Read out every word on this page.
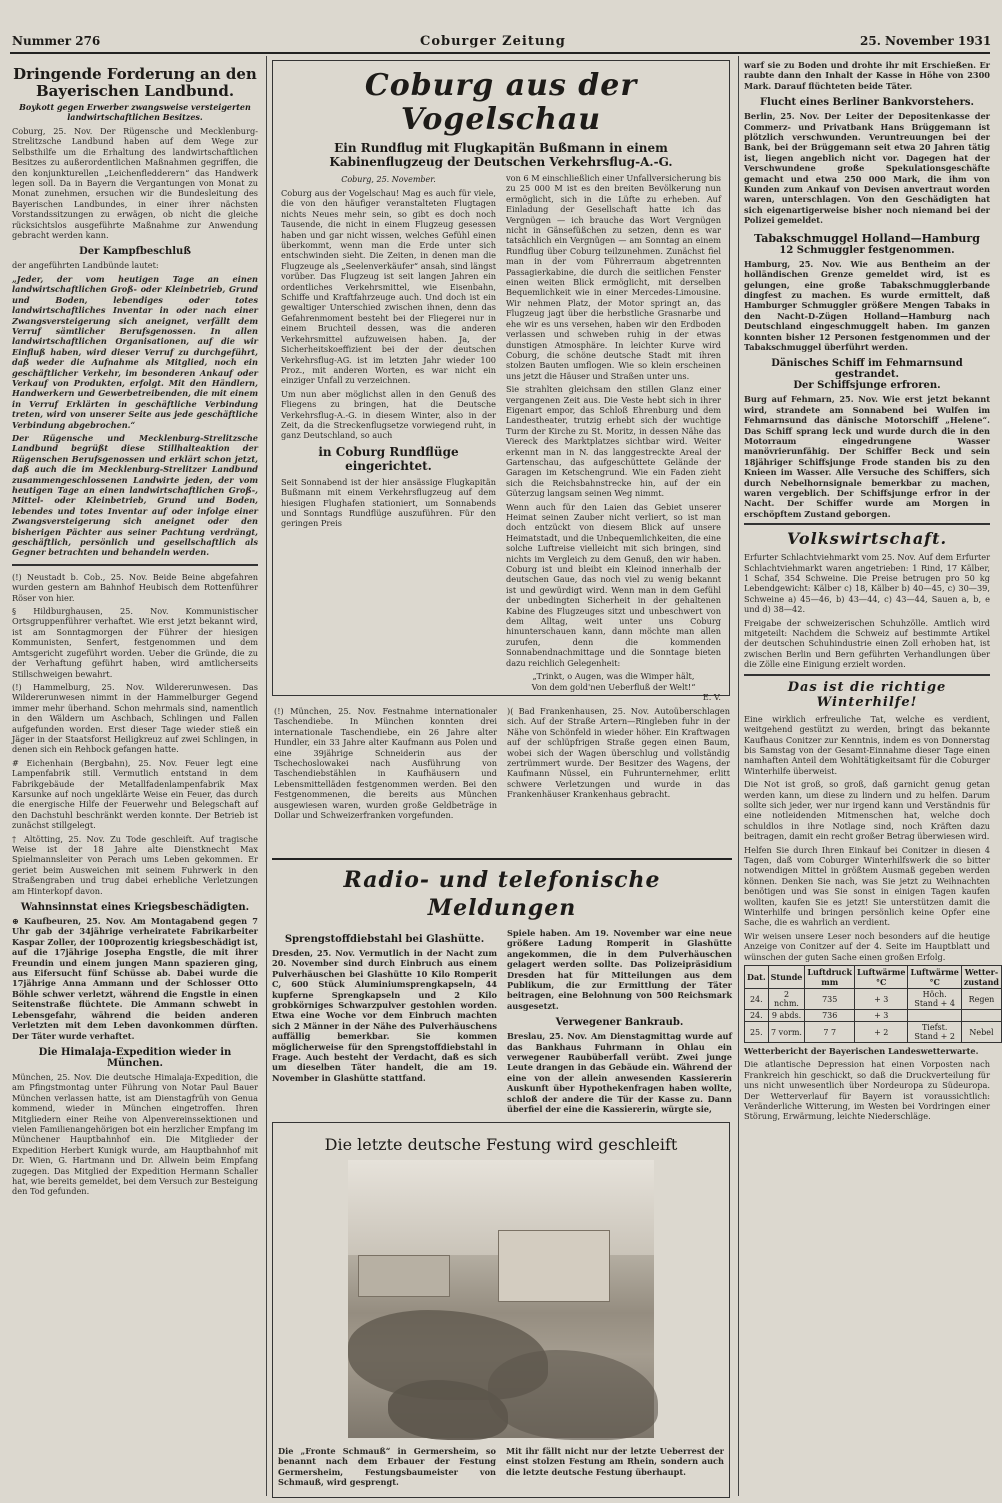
Nummer 276	Coburger Zeitung	25. November 1931

Dringende Forderung an den Bayerischen Landbund.

Boykott gegen Erwerber zwangsweise versteigerten landwirtschaftlichen Besitzes.

Coburg, 25. Nov. Der Rügensche und Mecklenburg-Strelitzsche Landbund haben auf dem Wege zur Selbsthilfe um die Erhaltung des landwirtschaftlichen Besitzes zu außerordentlichen Maßnahmen gegriffen, die den konjunkturellen „Leichenfledderern“ das Handwerk legen soll. Da in Bayern die Vergantungen von Monat zu Monat zunehmen, ersuchen wir die Bundesleitung des Bayerischen Landbundes, in einer ihrer nächsten Vorstandssitzungen zu erwägen, ob nicht die gleiche rücksichtslos ausgeführte Maßnahme zur Anwendung gebracht werden kann.

Der Kampfbeschluß

der angeführten Landbünde lautet:

„Jeder, der vom heutigen Tage an einen landwirtschaftlichen Groß- oder Kleinbetrieb, Grund und Boden, lebendiges oder totes landwirtschaftliches Inventar in oder nach einer Zwangsversteigerung sich aneignet, verfällt dem Verruf sämtlicher Berufsgenossen. In allen landwirtschaftlichen Organisationen, auf die wir Einfluß haben, wird dieser Verruf zu durchgeführt, daß weder die Aufnahme als Mitglied, noch ein geschäftlicher Verkehr, im besonderen Ankauf oder Verkauf von Produkten, erfolgt. Mit den Händlern, Handwerkern und Gewerbetreibenden, die mit einem in Verruf Erklärten in geschäftliche Verbindung treten, wird von unserer Seite aus jede geschäftliche Verbindung abgebrochen.“

Der Rügensche und Mecklenburg-Strelitzsche Landbund begrüßt diese Stillhalteaktion der Rügenschen Berufsgenossen und erklärt schon jetzt, daß auch die im Mecklenburg-Strelitzer Landbund zusammengeschlossenen Landwirte jeden, der vom heutigen Tage an einen landwirtschaftlichen Groß-, Mittel- oder Kleinbetrieb, Grund und Boden, lebendes und totes Inventar auf oder infolge einer Zwangsversteigerung sich aneignet oder den bisherigen Pächter aus seiner Pachtung verdrängt, geschäftlich, persönlich und gesellschaftlich als Gegner betrachten und behandeln werden.

(!) Neustadt b. Cob., 25. Nov. Beide Beine abgefahren wurden gestern am Bahnhof Heubisch dem Rottenführer Röser von hier.

§ Hildburghausen, 25. Nov. Kommunistischer Ortsgruppenführer verhaftet. Wie erst jetzt bekannt wird, ist am Sonntagmorgen der Führer der hiesigen Kommunisten, Senfert, festgenommen und dem Amtsgericht zugeführt worden. Ueber die Gründe, die zu der Verhaftung geführt haben, wird amtlicherseits Stillschweigen bewahrt.

(!) Hammelburg, 25. Nov. Wildererunwesen. Das Wildererunwesen nimmt in der Hammelburger Gegend immer mehr überhand. Schon mehrmals sind, namentlich in den Wäldern um Aschbach, Schlingen und Fallen aufgefunden worden. Erst dieser Tage wieder stieß ein Jäger in der Staatsforst Heiligkreuz auf zwei Schlingen, in denen sich ein Rehbock gefangen hatte.

# Eichenhain (Bergbahn), 25. Nov. Feuer legt eine Lampenfabrik still. Vermutlich entstand in dem Fabrikgebäude der Metallfadenlampenfabrik Max Karsunke auf noch ungeklärte Weise ein Feuer, das durch die energische Hilfe der Feuerwehr und Belegschaft auf den Dachstuhl beschränkt werden konnte. Der Betrieb ist zunächst stillgelegt.

† Altötting, 25. Nov. Zu Tode geschleift. Auf tragische Weise ist der 18 Jahre alte Dienstknecht Max Spielmannsleiter von Perach ums Leben gekommen. Er geriet beim Ausweichen mit seinem Fuhrwerk in den Straßengraben und trug dabei erhebliche Verletzungen am Hinterkopf davon.

Wahnsinnstat eines Kriegsbeschädigten.

⊕ Kaufbeuren, 25. Nov. Am Montagabend gegen 7 Uhr gab der 34jährige verheiratete Fabrikarbeiter Kaspar Zoller, der 100prozentig kriegsbeschädigt ist, auf die 17jährige Josepha Engstle, die mit ihrer Freundin und einem jungen Mann spazieren ging, aus Eifersucht fünf Schüsse ab. Dabei wurde die 17jährige Anna Ammann und der Schlosser Otto Böhle schwer verletzt, während die Engstle in einen Seitenstraße flüchtete. Die Ammann schwebt in Lebensgefahr, während die beiden anderen Verletzten mit dem Leben davonkommen dürften. Der Täter wurde verhaftet.

Die Himalaja-Expedition wieder in München.

München, 25. Nov. Die deutsche Himalaja-Expedition, die am Pfingstmontag unter Führung von Notar Paul Bauer München verlassen hatte, ist am Dienstagfrüh von Genua kommend, wieder in München eingetroffen. Ihren Mitgliedern einer Reihe von Alpenvereinssektionen und vielen Familienangehörigen bot ein herzlicher Empfang im Münchener Hauptbahnhof ein. Die Mitglieder der Expedition Herbert Kunigk wurde, am Hauptbahnhof mit Dr. Wien, G. Hartmann und Dr. Allwein beim Empfang zugegen. Das Mitglied der Expedition Hermann Schaller hat, wie bereits gemeldet, bei dem Versuch zur Besteigung den Tod gefunden.

Coburg aus der Vogelschau

Ein Rundflug mit Flugkapitän Bußmann in einem Kabinenflugzeug der Deutschen Verkehrsflug-A.-G.

Coburg, 25. November.

Coburg aus der Vogelschau! Mag es auch für viele, die von den häufiger veranstalteten Flugtagen nichts Neues mehr sein, so gibt es doch noch Tausende, die nicht in einem Flugzeug gesessen haben und gar nicht wissen, welches Gefühl einen überkommt, wenn man die Erde unter sich entschwinden sieht. Die Zeiten, in denen man die Flugzeuge als „Seelenverkäufer“ ansah, sind längst vorüber. Das Flugzeug ist seit langen Jahren ein ordentliches Verkehrsmittel, wie Eisenbahn, Schiffe und Kraftfahrzeuge auch. Und doch ist ein gewaltiger Unterschied zwischen ihnen, denn das Gefahrenmoment besteht bei der Fliegerei nur in einem Bruchteil dessen, was die anderen Verkehrsmittel aufzuweisen haben. Ja, der Sicherheitskoeffizient bei der der deutschen Verkehrsflug-AG. ist im letzten Jahr wieder 100 Proz., mit anderen Worten, es war nicht ein einziger Unfall zu verzeichnen.

Um nun aber möglichst allen in den Genuß des Fliegens zu bringen, hat die Deutsche Verkehrsflug-A.-G. in diesem Winter, also in der Zeit, da die Streckenflugsetze vorwiegend ruht, in ganz Deutschland, so auch

in Coburg Rundflüge eingerichtet.

Seit Sonnabend ist der hier ansässige Flugkapitän Bußmann mit einem Verkehrsflugzeug auf dem hiesigen Flughafen stationiert, um Sonnabends und Sonntags Rundflüge auszuführen. Für den geringen Preis

von 6 M einschließlich einer Unfallversicherung bis zu 25 000 M ist es den breiten Bevölkerung nun ermöglicht, sich in die Lüfte zu erheben. Auf Einladung der Gesellschaft hatte ich das Vergnügen — ich brauche das Wort Vergnügen nicht in Gänsefüßchen zu setzen, denn es war tatsächlich ein Vergnügen — am Sonntag an einem Rundflug über Coburg teilzunehmen. Zunächst fiel man in der vom Führerraum abgetrennten Passagierkabine, die durch die seitlichen Fenster einen weiten Blick ermöglicht, mit derselben Bequemlichkeit wie in einer Mercedes-Limousine. Wir nehmen Platz, der Motor springt an, das Flugzeug jagt über die herbstliche Grasnarbe und ehe wir es uns versehen, haben wir den Erdboden verlassen und schweben ruhig in der etwas dunstigen Atmosphäre. In leichter Kurve wird Coburg, die schöne deutsche Stadt mit ihren stolzen Bauten umflogen. Wie so klein erscheinen uns jetzt die Häuser und Straßen unter uns.

Sie strahlten gleichsam den stillen Glanz einer vergangenen Zeit aus. Die Veste hebt sich in ihrer Eigenart empor, das Schloß Ehrenburg und dem Landestheater, trutzig erhebt sich der wuchtige Turm der Kirche zu St. Moritz, in dessen Nähe das Viereck des Marktplatzes sichtbar wird. Weiter erkennt man in N. das langgestreckte Areal der Gartenschau, das aufgeschüttete Gelände der Garagen im Ketschengrund. Wie ein Faden zieht sich die Reichsbahnstrecke hin, auf der ein Güterzug langsam seinen Weg nimmt.

Wenn auch für den Laien das Gebiet unserer Heimat seinen Zauber nicht verliert, so ist man doch entzückt von diesem Blick auf unsere Heimatstadt, und die Unbequemlichkeiten, die eine solche Luftreise vielleicht mit sich bringen, sind nichts im Vergleich zu dem Genuß, den wir haben. Coburg ist und bleibt ein Kleinod innerhalb der deutschen Gaue, das noch viel zu wenig bekannt ist und gewürdigt wird. Wenn man in dem Gefühl der unbedingten Sicherheit in der gehaltenen Kabine des Flugzeuges sitzt und unbeschwert von dem Alltag, weit unter uns Coburg hinunterschauen kann, dann möchte man allen zurufen, denn die kommenden Sonnabendnachmittage und die Sonntage bieten dazu reichlich Gelegenheit:

„Trinkt, o Augen, was die Wimper hält,

Von dem gold'nen Ueberfluß der Welt!“

E. V.

(!) München, 25. Nov. Festnahme internationaler Taschendiebe. In München konnten drei internationale Taschendiebe, ein 26 Jahre alter Hundler, ein 33 Jahre alter Kaufmann aus Polen und eine 39jährige Schneiderin aus der Tschechoslowakei nach Ausführung von Taschendiebstählen in Kaufhäusern und Lebensmittelläden festgenommen werden. Bei den Festgenommenen, die bereits aus München ausgewiesen waren, wurden große Geldbeträge in Dollar und Schweizerfranken vorgefunden.

)( Bad Frankenhausen, 25. Nov. Autoüberschlagen sich. Auf der Straße Artern—Ringleben fuhr in der Nähe von Schönfeld in wieder höher. Ein Kraftwagen auf der schlüpfrigen Straße gegen einen Baum, wobei sich der Wagen überschlug und vollständig zertrümmert wurde. Der Besitzer des Wagens, der Kaufmann Nüssel, ein Fuhrunternehmer, erlitt schwere Verletzungen und wurde in das Frankenhäuser Krankenhaus gebracht.

Radio- und telefonische Meldungen

Sprengstoffdiebstahl bei Glashütte.

Dresden, 25. Nov. Vermutlich in der Nacht zum 20. November sind durch Einbruch aus einem Pulverhäuschen bei Glashütte 10 Kilo Romperit C, 600 Stück Aluminiumsprengkapseln, 44 kupferne Sprengkapseln und 2 Kilo grobkörniges Schwarzpulver gestohlen worden. Etwa eine Woche vor dem Einbruch machten sich 2 Männer in der Nähe des Pulverhäuschens auffällig bemerkbar. Sie kommen möglicherweise für den Sprengstoffdiebstahl in Frage. Auch besteht der Verdacht, daß es sich um dieselben Täter handelt, die am 19. November in Glashütte stattfand.

Spiele haben. Am 19. November war eine neue größere Ladung Romperit in Glashütte angekommen, die in dem Pulverhäuschen gelagert werden sollte. Das Polizeipräsidium Dresden hat für Mitteilungen aus dem Publikum, die zur Ermittlung der Täter beitragen, eine Belohnung von 500 Reichsmark ausgesetzt.

Verwegener Bankraub.

Breslau, 25. Nov. Am Dienstagmittag wurde auf das Bankhaus Fuhrmann in Ohlau ein verwegener Raubüberfall verübt. Zwei junge Leute drangen in das Gebäude ein. Während der eine von der allein anwesenden Kassiererin Auskunft über Hypothekenfragen haben wollte, schloß der andere die Tür der Kasse zu. Dann überfiel der eine die Kassiererin, würgte sie,

Die letzte deutsche Festung wird geschleift

Die „Fronte Schmauß“ in Germersheim, so benannt nach dem Erbauer der Festung Germersheim, Festungsbaumeister von Schmauß, wird gesprengt.

Mit ihr fällt nicht nur der letzte Ueberrest der einst stolzen Festung am Rhein, sondern auch die letzte deutsche Festung überhaupt.

warf sie zu Boden und drohte ihr mit Erschießen. Er raubte dann den Inhalt der Kasse in Höhe von 2300 Mark. Darauf flüchteten beide Täter.

Flucht eines Berliner Bankvorstehers.

Berlin, 25. Nov. Der Leiter der Depositenkasse der Commerz- und Privatbank Hans Brüggemann ist plötzlich verschwunden. Veruntreuungen bei der Bank, bei der Brüggemann seit etwa 20 Jahren tätig ist, liegen angeblich nicht vor. Dagegen hat der Verschwundene große Spekulationsgeschäfte gemacht und etwa 250 000 Mark, die ihm von Kunden zum Ankauf von Devisen anvertraut worden waren, unterschlagen. Von den Geschädigten hat sich eigenartigerweise bisher noch niemand bei der Polizei gemeldet.

Tabakschmuggel Holland—Hamburg

12 Schmuggler festgenommen.

Hamburg, 25. Nov. Wie aus Bentheim an der holländischen Grenze gemeldet wird, ist es gelungen, eine große Tabakschmugglerbande dingfest zu machen. Es wurde ermittelt, daß Hamburger Schmuggler größere Mengen Tabaks in den Nacht-D-Zügen Holland—Hamburg nach Deutschland eingeschmuggelt haben. Im ganzen konnten bisher 12 Personen festgenommen und der Tabakschmuggel überführt werden.

Dänisches Schiff im Fehmarnsund gestrandet.

Der Schiffsjunge erfroren.

Burg auf Fehmarn, 25. Nov. Wie erst jetzt bekannt wird, strandete am Sonnabend bei Wulfen im Fehmarnsund das dänische Motorschiff „Helene“. Das Schiff sprang leck und wurde durch die in den Motorraum eingedrungene Wasser manövrierunfähig. Der Schiffer Beck und sein 18jähriger Schiffsjunge Frode standen bis zu den Knieen im Wasser. Alle Versuche des Schiffers, sich durch Nebelhornsignale bemerkbar zu machen, waren vergeblich. Der Schiffsjunge erfror in der Nacht. Der Schiffer wurde am Morgen in erschöpftem Zustand geborgen.

Volkswirtschaft.

Erfurter Schlachtviehmarkt vom 25. Nov. Auf dem Erfurter Schlachtviehmarkt waren angetrieben: 1 Rind, 17 Kälber, 1 Schaf, 354 Schweine. Die Preise betrugen pro 50 kg Lebendgewicht: Kälber c) 18, Kälber b) 40—45, c) 30—39, Schweine a) 45—46, b) 43—44, c) 43—44, Sauen a, b, e und d) 38—42.

Freigabe der schweizerischen Schuhzölle. Amtlich wird mitgeteilt: Nachdem die Schweiz auf bestimmte Artikel der deutschen Schuhindustrie einen Zoll erhoben hat, ist zwischen Berlin und Bern geführten Verhandlungen über die Zölle eine Einigung erzielt worden.

Das ist die richtige Winterhilfe!

Eine wirklich erfreuliche Tat, welche es verdient, weitgehend gestützt zu werden, bringt das bekannte Kaufhaus Conitzer zur Kenntnis, indem es von Donnerstag bis Samstag von der Gesamt-Einnahme dieser Tage einen namhaften Anteil dem Wohltätigkeitsamt für die Coburger Winterhilfe überweist.

Die Not ist groß, so groß, daß garnicht genug getan werden kann, um diese zu lindern und zu helfen. Darum sollte sich jeder, wer nur irgend kann und Verständnis für eine notleidenden Mitmenschen hat, welche doch schuldlos in ihre Notlage sind, noch Kräften dazu beitragen, damit ein recht großer Betrag überwiesen wird.

Helfen Sie durch Ihren Einkauf bei Conitzer in diesen 4 Tagen, daß vom Coburger Winterhilfswerk die so bitter notwendigen Mittel in größtem Ausmaß gegeben werden können. Denken Sie nach, was Sie jetzt zu Weihnachten benötigen und was Sie sonst in einigen Tagen kaufen wollten, kaufen Sie es jetzt! Sie unterstützen damit die Winterhilfe und bringen persönlich keine Opfer eine Sache, die es wahrlich an verdient.

Wir weisen unsere Leser noch besonders auf die heutige Anzeige von Conitzer auf der 4. Seite im Hauptblatt und wünschen der guten Sache einen großen Erfolg.

Dat.	Stunde	Luftdruck mm	Luftwärme °C	Luftwärme °C	Wetter-zustand
24.	2 nchm.	735	+ 3	Höch. Stand + 4	Regen
24.	9 abds.	736	+ 3		
25.	7 vorm.	7 7	+ 2	Tiefst. Stand + 2	Nebel

Wetterbericht der Bayerischen Landeswetterwarte.

Die atlantische Depression hat einen Vorposten nach Frankreich hin geschickt, so daß die Druckverteilung für uns nicht unwesentlich über Nordeuropa zu Südeuropa. Der Wetterverlauf für Bayern ist voraussichtlich: Veränderliche Witterung, im Westen bei Vordringen einer Störung, Erwärmung, leichte Niederschläge.
